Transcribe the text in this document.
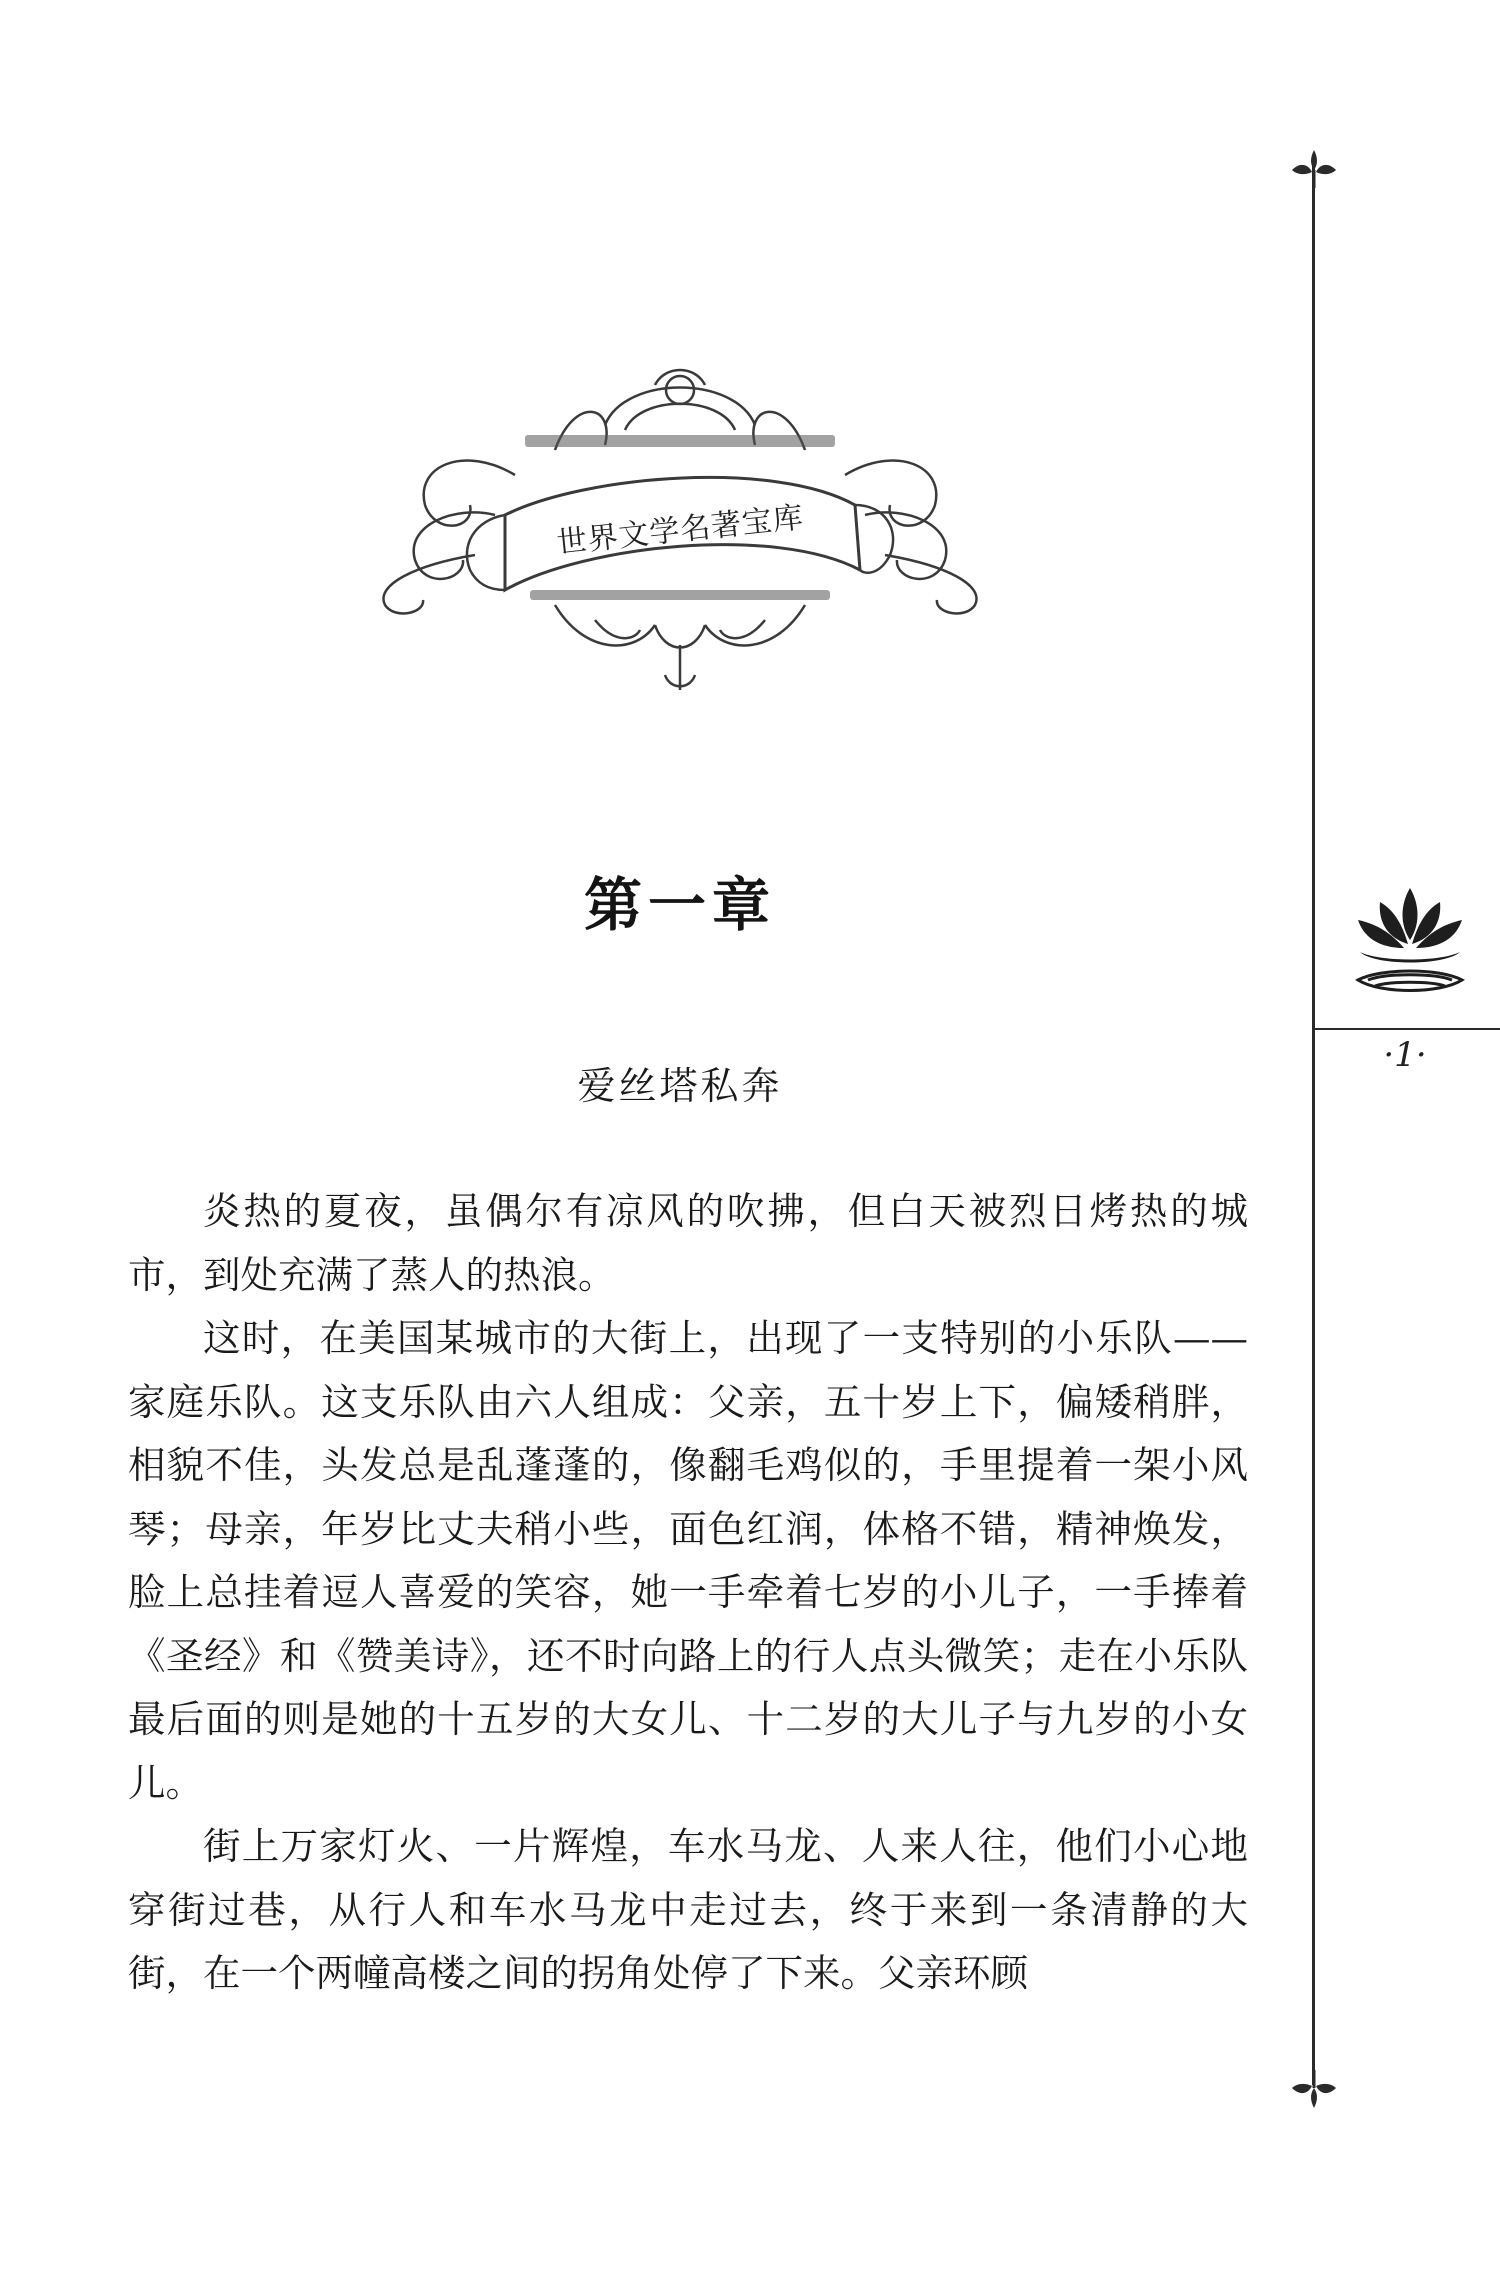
世界文学名著宝库
·1·
第一章
爱丝塔私奔

炎热的夏夜，虽偶尔有凉风的吹拂，但白天被烈日烤热的城市，到处充满了蒸人的热浪。

这时，在美国某城市的大街上，出现了一支特别的小乐队——家庭乐队。这支乐队由六人组成：父亲，五十岁上下，偏矮稍胖，相貌不佳，头发总是乱蓬蓬的，像翻毛鸡似的，手里提着一架小风琴；母亲，年岁比丈夫稍小些，面色红润，体格不错，精神焕发，脸上总挂着逗人喜爱的笑容，她一手牵着七岁的小儿子，一手捧着《圣经》和《赞美诗》，还不时向路上的行人点头微笑；走在小乐队最后面的则是她的十五岁的大女儿、十二岁的大儿子与九岁的小女儿。

街上万家灯火、一片辉煌，车水马龙、人来人往，他们小心地穿街过巷，从行人和车水马龙中走过去，终于来到一条清静的大街，在一个两幢高楼之间的拐角处停了下来。父亲环顾
